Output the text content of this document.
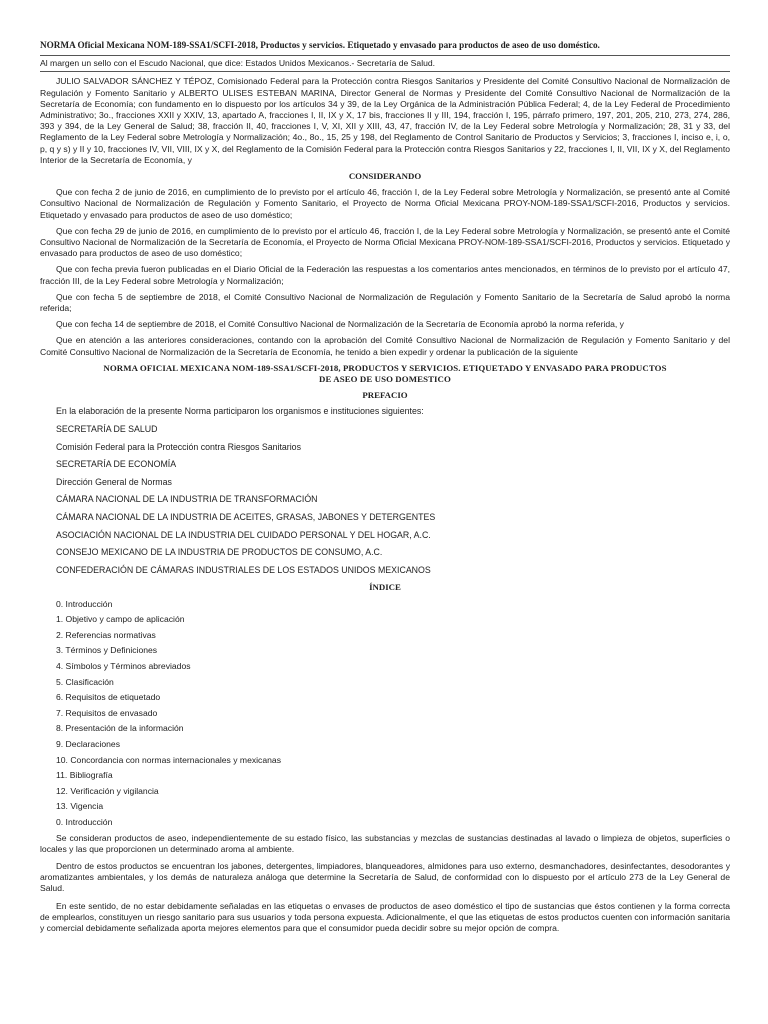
NORMA Oficial Mexicana NOM-189-SSA1/SCFI-2018, Productos y servicios. Etiquetado y envasado para productos de aseo de uso doméstico.
Al margen un sello con el Escudo Nacional, que dice: Estados Unidos Mexicanos.- Secretaría de Salud.

JULIO SALVADOR SÁNCHEZ Y TÉPOZ, Comisionado Federal para la Protección contra Riesgos Sanitarios y Presidente del Comité Consultivo Nacional de Normalización de Regulación y Fomento Sanitario y ALBERTO ULISES ESTEBAN MARINA, Director General de Normas y Presidente del Comité Consultivo Nacional de Normalización de la Secretaría de Economía; con fundamento en lo dispuesto por los artículos 34 y 39, de la Ley Orgánica de la Administración Pública Federal; 4, de la Ley Federal de Procedimiento Administrativo; 3o., fracciones XXII y XXIV, 13, apartado A, fracciones I, II, IX y X, 17 bis, fracciones II y III, 194, fracción I, 195, párrafo primero, 197, 201, 205, 210, 273, 274, 286, 393 y 394, de la Ley General de Salud; 38, fracción II, 40, fracciones I, V, XI, XII y XIII, 43, 47, fracción IV, de la Ley Federal sobre Metrología y Normalización; 28, 31 y 33, del Reglamento de la Ley Federal sobre Metrología y Normalización; 4o., 8o., 15, 25 y 198, del Reglamento de Control Sanitario de Productos y Servicios; 3, fracciones I, inciso e, i, o, p, q y s) y II y 10, fracciones IV, VII, VIII, IX y X, del Reglamento de la Comisión Federal para la Protección contra Riesgos Sanitarios y 22, fracciones I, II, VII, IX y X, del Reglamento Interior de la Secretaría de Economía, y

CONSIDERANDO

Que con fecha 2 de junio de 2016, en cumplimiento de lo previsto por el artículo 46, fracción I, de la Ley Federal sobre Metrología y Normalización, se presentó ante al Comité Consultivo Nacional de Normalización de Regulación y Fomento Sanitario, el Proyecto de Norma Oficial Mexicana PROY-NOM-189-SSA1/SCFI-2016, Productos y servicios. Etiquetado y envasado para productos de aseo de uso doméstico;

Que con fecha 29 de junio de 2016, en cumplimiento de lo previsto por el artículo 46, fracción I, de la Ley Federal sobre Metrología y Normalización, se presentó ante el Comité Consultivo Nacional de Normalización de la Secretaría de Economía, el Proyecto de Norma Oficial Mexicana PROY-NOM-189-SSA1/SCFI-2016, Productos y servicios. Etiquetado y envasado para productos de aseo de uso doméstico;

Que con fecha previa fueron publicadas en el Diario Oficial de la Federación las respuestas a los comentarios antes mencionados, en términos de lo previsto por el artículo 47, fracción III, de la Ley Federal sobre Metrología y Normalización;

Que con fecha 5 de septiembre de 2018, el Comité Consultivo Nacional de Normalización de Regulación y Fomento Sanitario de la Secretaría de Salud aprobó la norma referida;

Que con fecha 14 de septiembre de 2018, el Comité Consultivo Nacional de Normalización de la Secretaría de Economía aprobó la norma referida, y

Que en atención a las anteriores consideraciones, contando con la aprobación del Comité Consultivo Nacional de Normalización de Regulación y Fomento Sanitario y del Comité Consultivo Nacional de Normalización de la Secretaría de Economía, he tenido a bien expedir y ordenar la publicación de la siguiente

NORMA OFICIAL MEXICANA NOM-189-SSA1/SCFI-2018, PRODUCTOS Y SERVICIOS. ETIQUETADO Y ENVASADO PARA PRODUCTOS DE ASEO DE USO DOMESTICO
PREFACIO
En la elaboración de la presente Norma participaron los organismos e instituciones siguientes:
SECRETARÍA DE SALUD
Comisión Federal para la Protección contra Riesgos Sanitarios
SECRETARÍA DE ECONOMÍA
Dirección General de Normas
CÁMARA NACIONAL DE LA INDUSTRIA DE TRANSFORMACIÓN
CÁMARA NACIONAL DE LA INDUSTRIA DE ACEITES, GRASAS, JABONES Y DETERGENTES
ASOCIACIÓN NACIONAL DE LA INDUSTRIA DEL CUIDADO PERSONAL Y DEL HOGAR, A.C.
CONSEJO MEXICANO DE LA INDUSTRIA DE PRODUCTOS DE CONSUMO, A.C.
CONFEDERACIÓN DE CÁMARAS INDUSTRIALES DE LOS ESTADOS UNIDOS MEXICANOS
ÍNDICE
0. Introducción
1. Objetivo y campo de aplicación
2. Referencias normativas
3. Términos y Definiciones
4. Símbolos y Términos abreviados
5. Clasificación
6. Requisitos de etiquetado
7. Requisitos de envasado
8. Presentación de la información
9. Declaraciones
10. Concordancia con normas internacionales y mexicanas
11. Bibliografía
12. Verificación y vigilancia
13. Vigencia
0. Introducción

Se consideran productos de aseo, independientemente de su estado físico, las substancias y mezclas de sustancias destinadas al lavado o limpieza de objetos, superficies o locales y las que proporcionen un determinado aroma al ambiente.

Dentro de estos productos se encuentran los jabones, detergentes, limpiadores, blanqueadores, almidones para uso externo, desmanchadores, desinfectantes, desodorantes y aromatizantes ambientales, y los demás de naturaleza análoga que determine la Secretaría de Salud, de conformidad con lo dispuesto por el artículo 273 de la Ley General de Salud.

En este sentido, de no estar debidamente señaladas en las etiquetas o envases de productos de aseo doméstico el tipo de sustancias que éstos contienen y la forma correcta de emplearlos, constituyen un riesgo sanitario para sus usuarios y toda persona expuesta. Adicionalmente, el que las etiquetas de estos productos cuenten con información sanitaria y comercial debidamente señalizada aporta mejores elementos para que el consumidor pueda decidir sobre su mejor opción de compra.
